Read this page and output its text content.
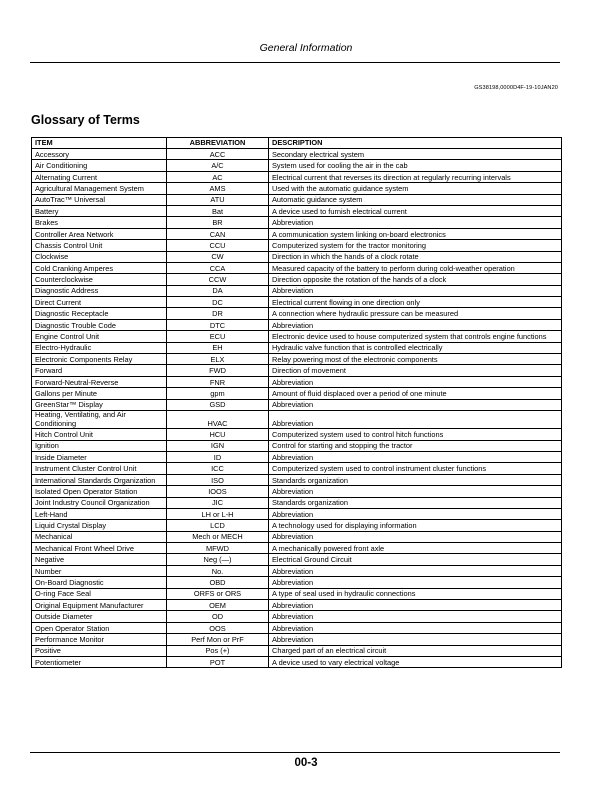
General Information
GS38198,0000D4F-19-10JAN20
Glossary of Terms
ITEM	ABBREVIATION	DESCRIPTION
Accessory	ACC	Secondary electrical system
Air Conditioning	A/C	System used for cooling the air in the cab
Alternating Current	AC	Electrical current that reverses its direction at regularly recurring intervals
Agricultural Management System	AMS	Used with the automatic guidance system
AutoTrac™ Universal	ATU	Automatic guidance system
Battery	Bat	A device used to furnish electrical current
Brakes	BR	Abbreviation
Controller Area Network	CAN	A communication system linking on-board electronics
Chassis Control Unit	CCU	Computerized system for the tractor monitoring
Clockwise	CW	Direction in which the hands of a clock rotate
Cold Cranking Amperes	CCA	Measured capacity of the battery to perform during cold-weather operation
Counterclockwise	CCW	Direction opposite the rotation of the hands of a clock
Diagnostic Address	DA	Abbreviation
Direct Current	DC	Electrical current flowing in one direction only
Diagnostic Receptacle	DR	A connection where hydraulic pressure can be measured
Diagnostic Trouble Code	DTC	Abbreviation
Engine Control Unit	ECU	Electronic device used to house computerized system that controls engine functions
Electro-Hydraulic	EH	Hydraulic valve function that is controlled electrically
Electronic Components Relay	ELX	Relay powering most of the electronic components
Forward	FWD	Direction of movement
Forward-Neutral-Reverse	FNR	Abbreviation
Gallons per Minute	gpm	Amount of fluid displaced over a period of one minute
GreenStar™ Display	GSD	Abbreviation
Heating, Ventilating, and Air Conditioning	HVAC	Abbreviation
Hitch Control Unit	HCU	Computerized system used to control hitch functions
Ignition	IGN	Control for starting and stopping the tractor
Inside Diameter	ID	Abbreviation
Instrument Cluster Control Unit	ICC	Computerized system used to control instrument cluster functions
International Standards Organization	ISO	Standards organization
Isolated Open Operator Station	IOOS	Abbreviation
Joint Industry Council Organization	JIC	Standards organization
Left-Hand	LH or L-H	Abbreviation
Liquid Crystal Display	LCD	A technology used for displaying information
Mechanical	Mech or MECH	Abbreviation
Mechanical Front Wheel Drive	MFWD	A mechanically powered front axle
Negative	Neg (—)	Electrical Ground Circuit
Number	No.	Abbreviation
On-Board Diagnostic	OBD	Abbreviation
O-ring Face Seal	ORFS or ORS	A type of seal used in hydraulic connections
Original Equipment Manufacturer	OEM	Abbreviation
Outside Diameter	OD	Abbreviation
Open Operator Station	OOS	Abbreviation
Performance Monitor	Perf Mon or PrF	Abbreviation
Positive	Pos (+)	Charged part of an electrical circuit
Potentiometer	POT	A device used to vary electrical voltage
00-3
